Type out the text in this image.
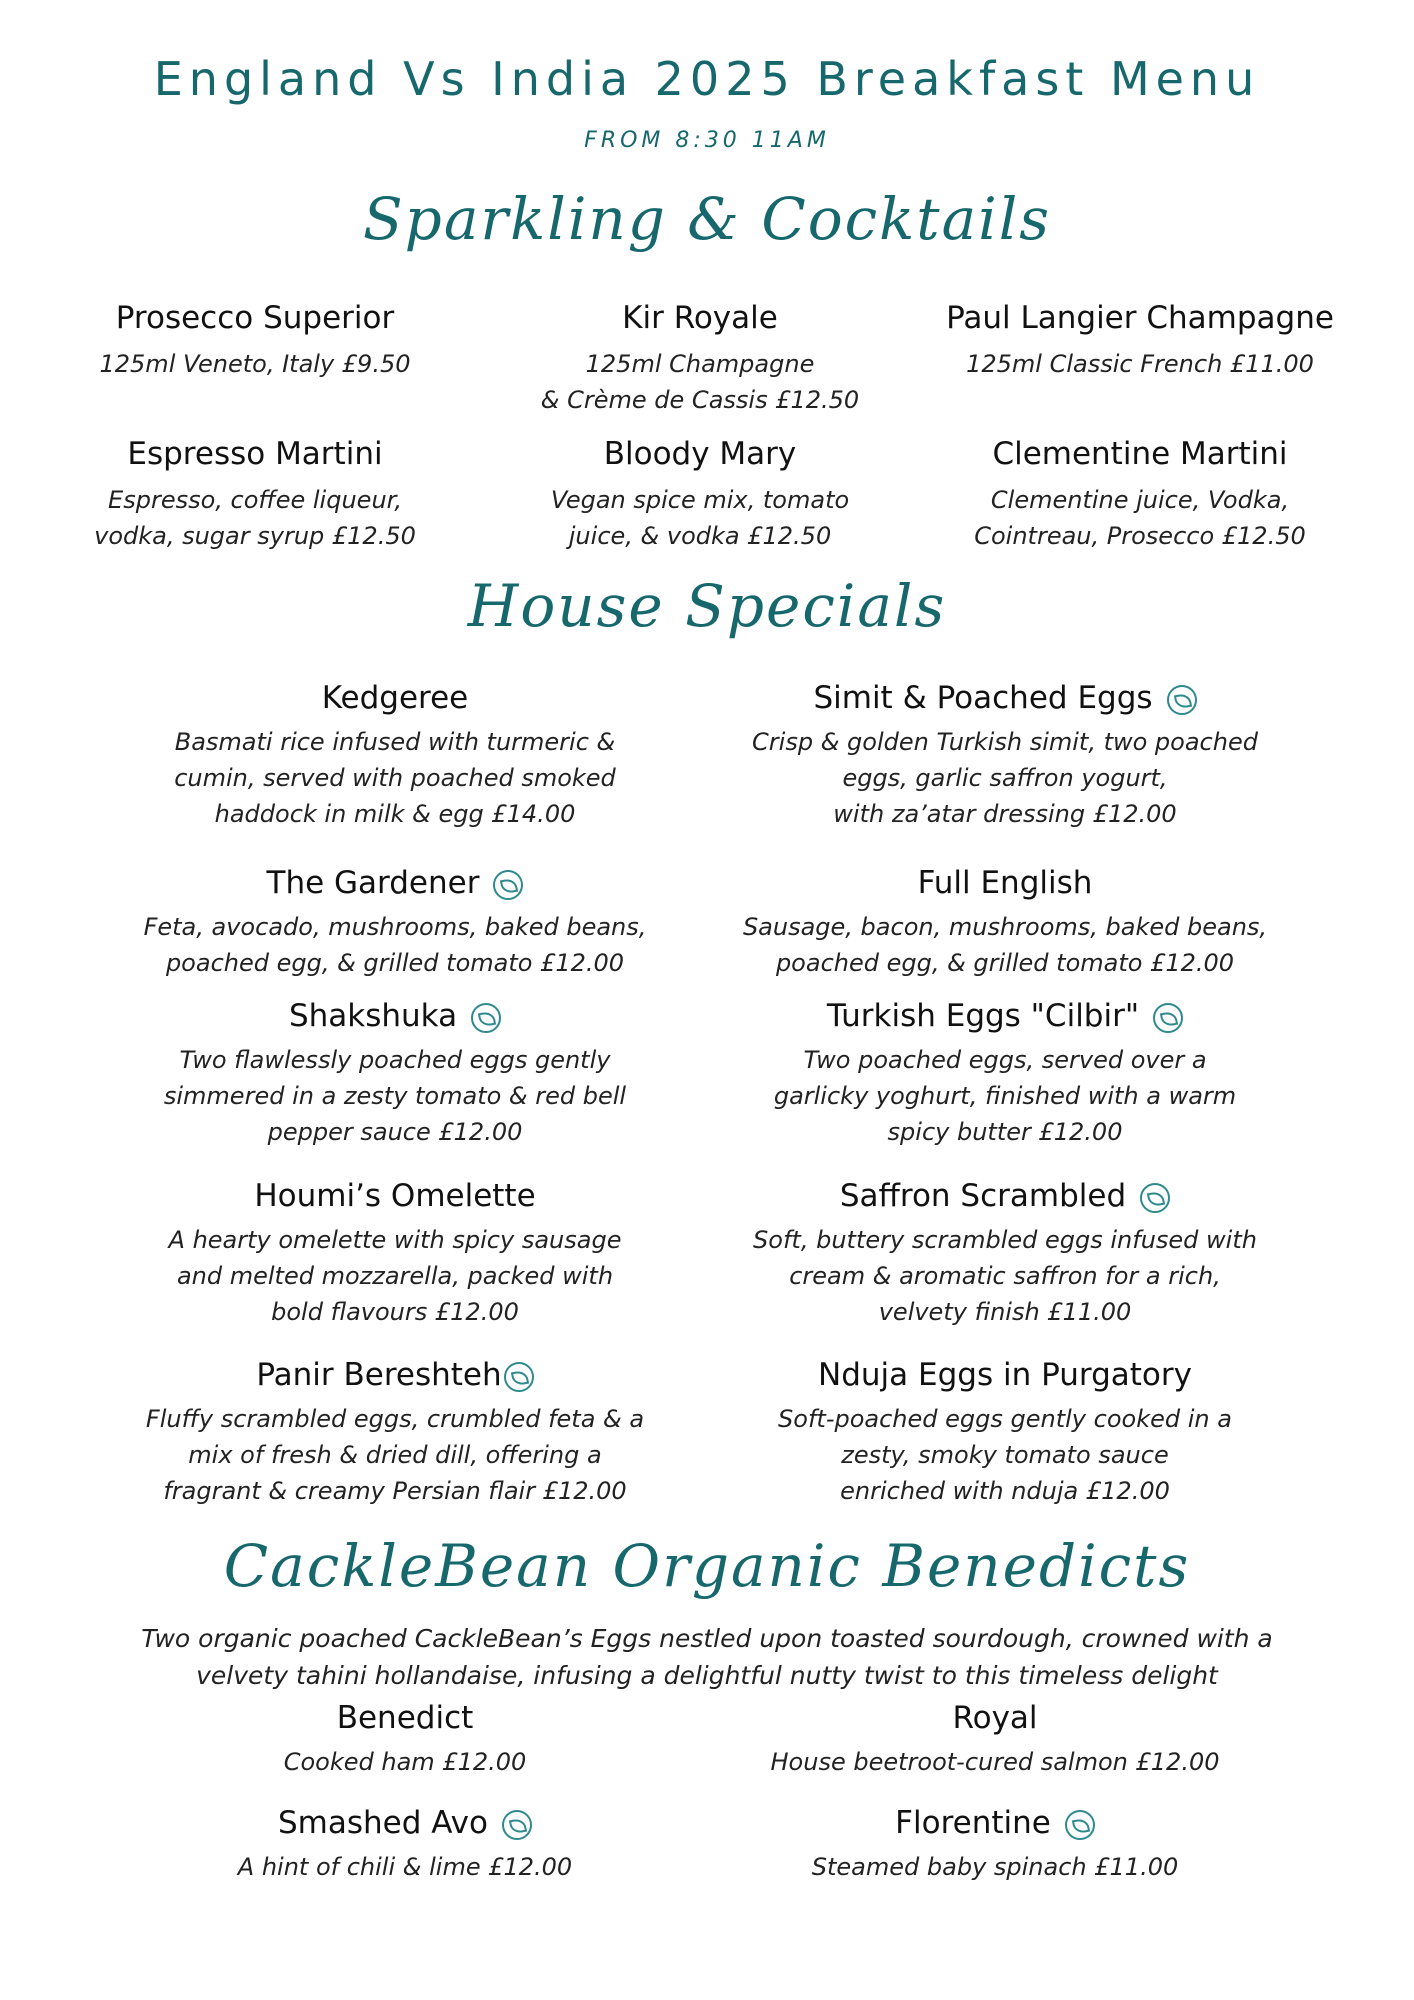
England Vs India 2025 Breakfast Menu
FROM 8:30 11AM
Sparkling & Cocktails
Prosecco Superior
125ml Veneto, Italy £9.50
Kir Royale
125ml Champagne
& Crème de Cassis £12.50
Paul Langier Champagne
125ml Classic French £11.00
Espresso Martini
Espresso, coffee liqueur,
vodka, sugar syrup £12.50
Bloody Mary
Vegan spice mix, tomato
juice, & vodka £12.50
Clementine Martini
Clementine juice, Vodka,
Cointreau, Prosecco £12.50
House Specials
Kedgeree
Basmati rice infused with turmeric &
cumin, served with poached smoked
haddock in milk & egg £14.00
Simit & Poached Eggs
Crisp & golden Turkish simit, two poached
eggs, garlic saffron yogurt,
with za’atar dressing £12.00
The Gardener
Feta, avocado, mushrooms, baked beans,
poached egg, & grilled tomato £12.00
Full English
Sausage, bacon, mushrooms, baked beans,
poached egg, & grilled tomato £12.00
Shakshuka
Two flawlessly poached eggs gently
simmered in a zesty tomato & red bell
pepper sauce £12.00
Turkish Eggs "Cilbir"
Two poached eggs, served over a
garlicky yoghurt, finished with a warm
spicy butter £12.00
Houmi’s Omelette
A hearty omelette with spicy sausage
and melted mozzarella, packed with
bold flavours £12.00
Saffron Scrambled
Soft, buttery scrambled eggs infused with
cream & aromatic saffron for a rich,
velvety finish £11.00
Panir Bereshteh
Fluffy scrambled eggs, crumbled feta & a
mix of fresh & dried dill, offering a
fragrant & creamy Persian flair £12.00
Nduja Eggs in Purgatory
Soft-poached eggs gently cooked in a
zesty, smoky tomato sauce
enriched with nduja £12.00
CackleBean Organic Benedicts
Two organic poached CackleBean’s Eggs nestled upon toasted sourdough, crowned with a
velvety tahini hollandaise, infusing a delightful nutty twist to this timeless delight
Benedict
Cooked ham £12.00
Royal
House beetroot-cured salmon £12.00
Smashed Avo
A hint of chili & lime £12.00
Florentine
Steamed baby spinach £11.00
